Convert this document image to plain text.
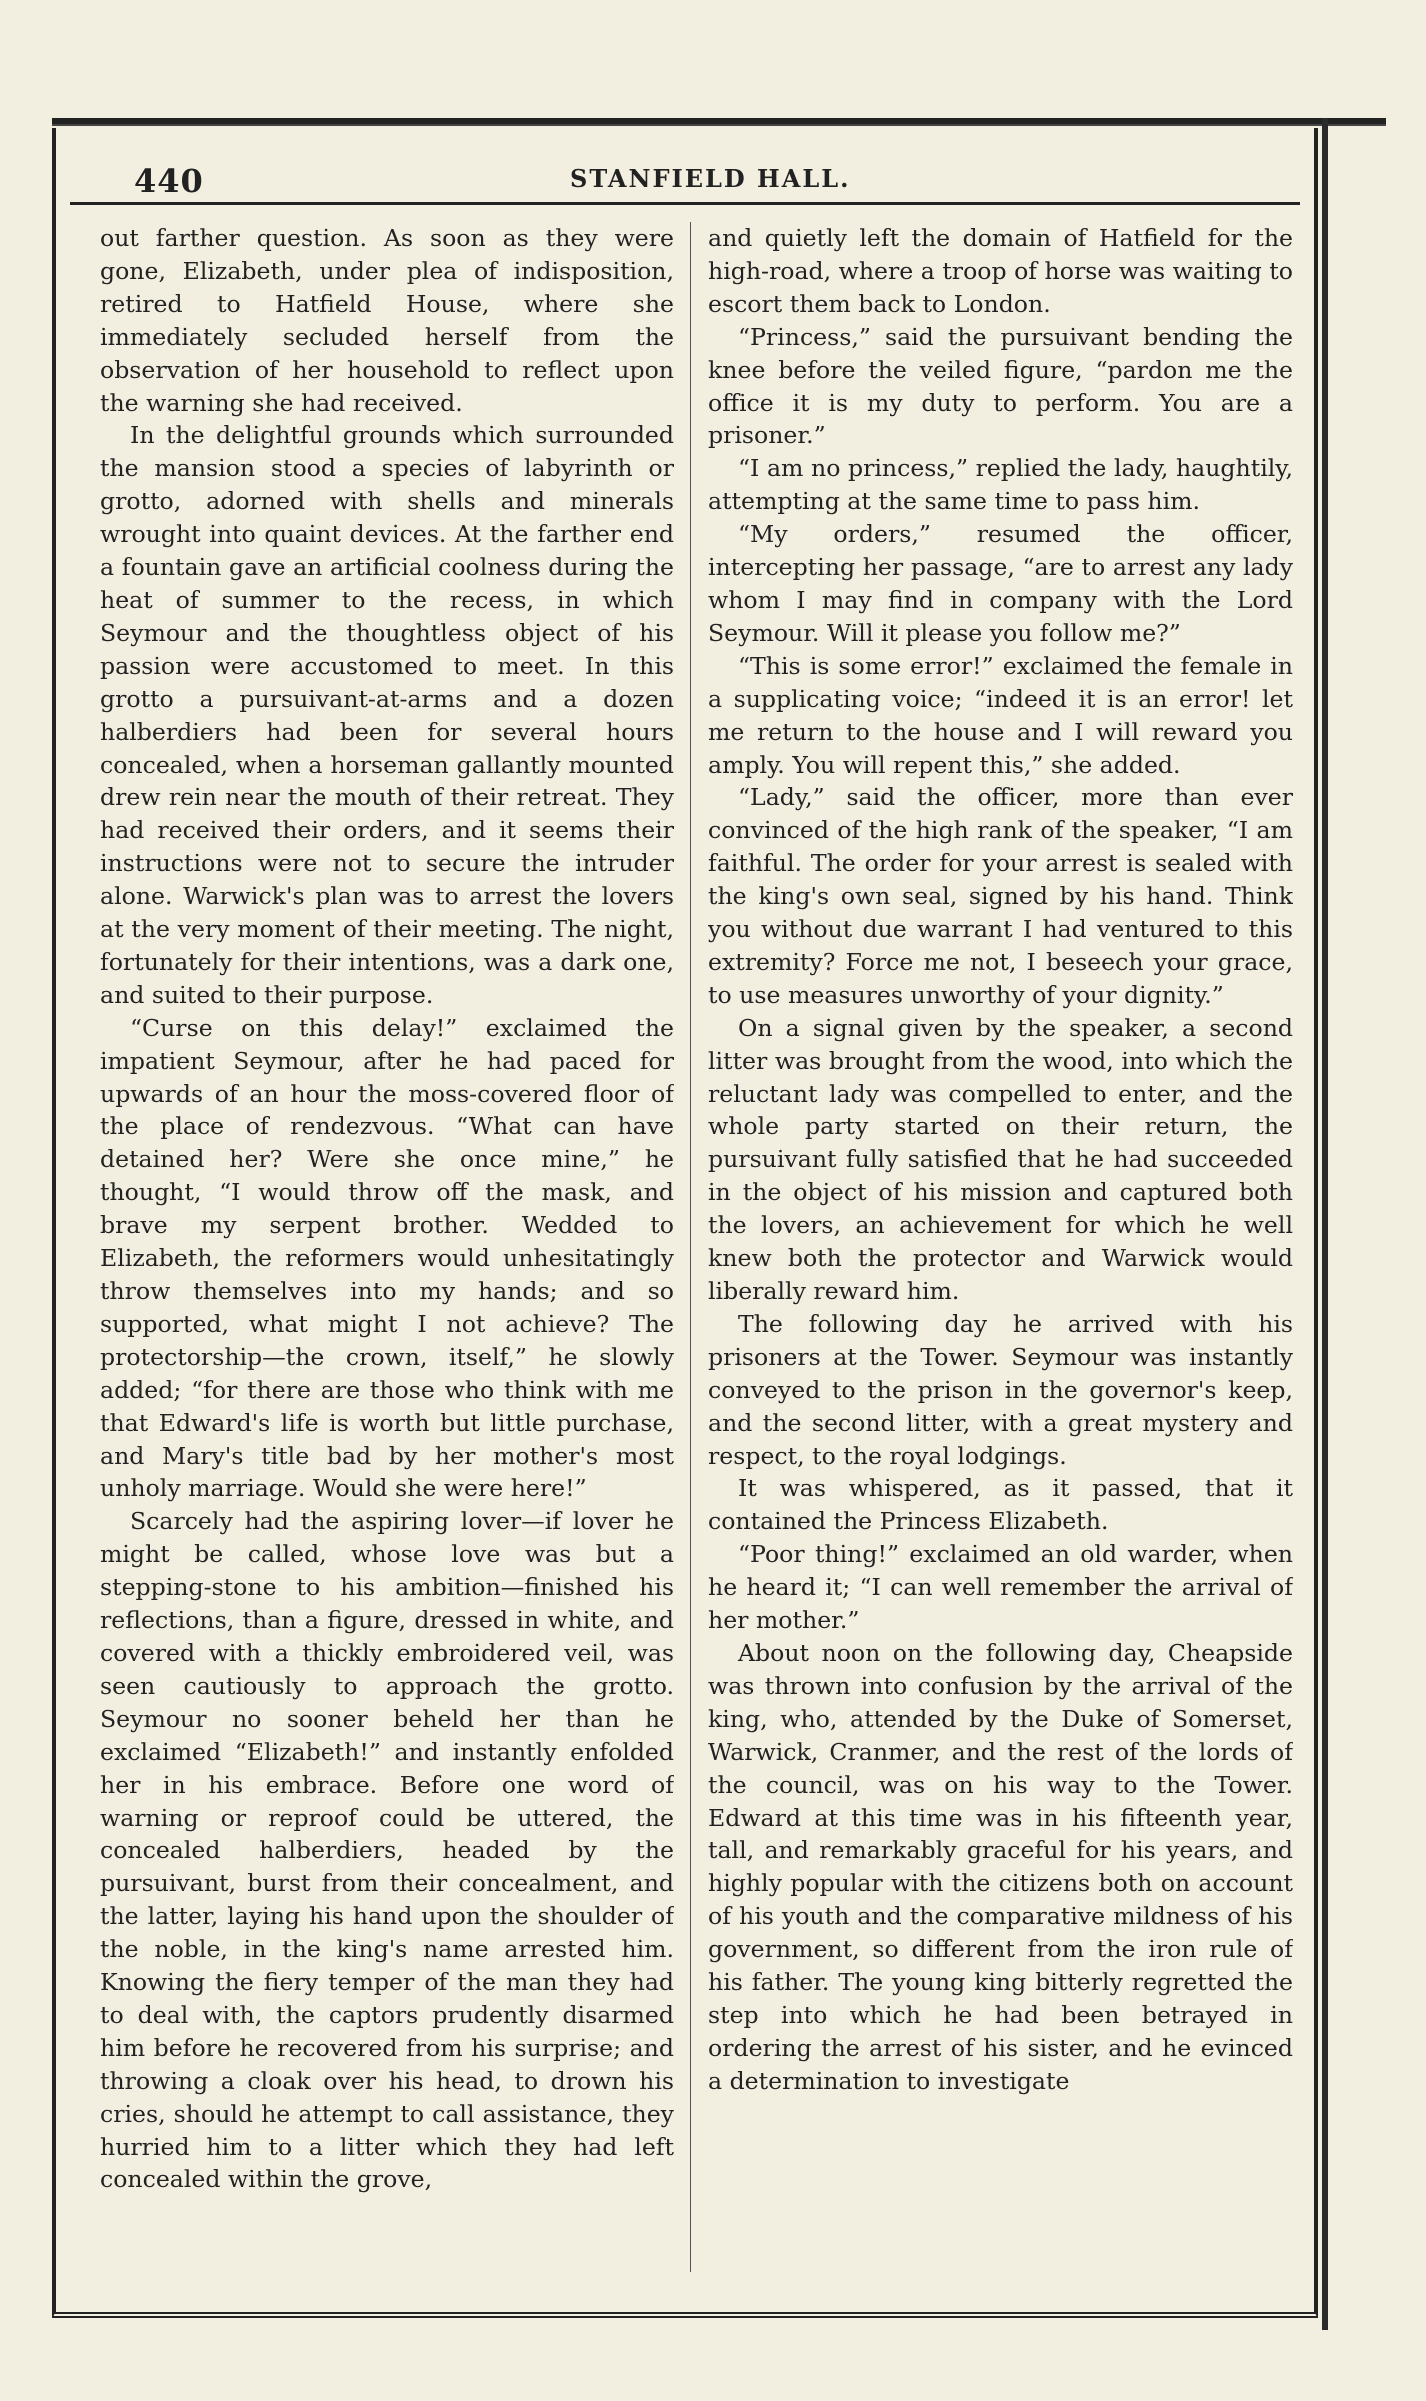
440	STANFIELD HALL.

out farther question. As soon as they were gone, Elizabeth, under plea of indisposition, retired to Hatfield House, where she immediately secluded herself from the observation of her household to reflect upon the warning she had received.

In the delightful grounds which surrounded the mansion stood a species of labyrinth or grotto, adorned with shells and minerals wrought into quaint devices. At the farther end a fountain gave an artificial coolness during the heat of summer to the recess, in which Seymour and the thoughtless object of his passion were accustomed to meet. In this grotto a pursuivant-at-arms and a dozen halberdiers had been for several hours concealed, when a horseman gallantly mounted drew rein near the mouth of their retreat. They had received their orders, and it seems their instructions were not to secure the intruder alone. Warwick's plan was to arrest the lovers at the very moment of their meeting. The night, fortunately for their intentions, was a dark one, and suited to their purpose.

“Curse on this delay!” exclaimed the impatient Seymour, after he had paced for upwards of an hour the moss-covered floor of the place of rendezvous. “What can have detained her? Were she once mine,” he thought, “I would throw off the mask, and brave my serpent brother. Wedded to Elizabeth, the reformers would unhesitatingly throw themselves into my hands; and so supported, what might I not achieve? The protectorship—the crown, itself,” he slowly added; “for there are those who think with me that Edward's life is worth but little purchase, and Mary's title bad by her mother's most unholy marriage. Would she were here!”

Scarcely had the aspiring lover—if lover he might be called, whose love was but a stepping-stone to his ambition—finished his reflections, than a figure, dressed in white, and covered with a thickly embroidered veil, was seen cautiously to approach the grotto. Seymour no sooner beheld her than he exclaimed “Elizabeth!” and instantly enfolded her in his embrace. Before one word of warning or reproof could be uttered, the concealed halberdiers, headed by the pursuivant, burst from their concealment, and the latter, laying his hand upon the shoulder of the noble, in the king's name arrested him. Knowing the fiery temper of the man they had to deal with, the captors prudently disarmed him before he recovered from his surprise; and throwing a cloak over his head, to drown his cries, should he attempt to call assistance, they hurried him to a litter which they had left concealed within the grove,

and quietly left the domain of Hatfield for the high-road, where a troop of horse was waiting to escort them back to London.

“Princess,” said the pursuivant bending the knee before the veiled figure, “pardon me the office it is my duty to perform. You are a prisoner.”

“I am no princess,” replied the lady, haughtily, attempting at the same time to pass him.

“My orders,” resumed the officer, intercepting her passage, “are to arrest any lady whom I may find in company with the Lord Seymour. Will it please you follow me?”

“This is some error!” exclaimed the female in a supplicating voice; “indeed it is an error! let me return to the house and I will reward you amply. You will repent this,” she added.

“Lady,” said the officer, more than ever convinced of the high rank of the speaker, “I am faithful. The order for your arrest is sealed with the king's own seal, signed by his hand. Think you without due warrant I had ventured to this extremity? Force me not, I beseech your grace, to use measures unworthy of your dignity.”

On a signal given by the speaker, a second litter was brought from the wood, into which the reluctant lady was compelled to enter, and the whole party started on their return, the pursuivant fully satisfied that he had succeeded in the object of his mission and captured both the lovers, an achievement for which he well knew both the protector and Warwick would liberally reward him.

The following day he arrived with his prisoners at the Tower. Seymour was instantly conveyed to the prison in the governor's keep, and the second litter, with a great mystery and respect, to the royal lodgings.

It was whispered, as it passed, that it contained the Princess Elizabeth.

“Poor thing!” exclaimed an old warder, when he heard it; “I can well remember the arrival of her mother.”

About noon on the following day, Cheapside was thrown into confusion by the arrival of the king, who, attended by the Duke of Somerset, Warwick, Cranmer, and the rest of the lords of the council, was on his way to the Tower. Edward at this time was in his fifteenth year, tall, and remarkably graceful for his years, and highly popular with the citizens both on account of his youth and the comparative mildness of his government, so different from the iron rule of his father. The young king bitterly regretted the step into which he had been betrayed in ordering the arrest of his sister, and he evinced a determination to investigate
